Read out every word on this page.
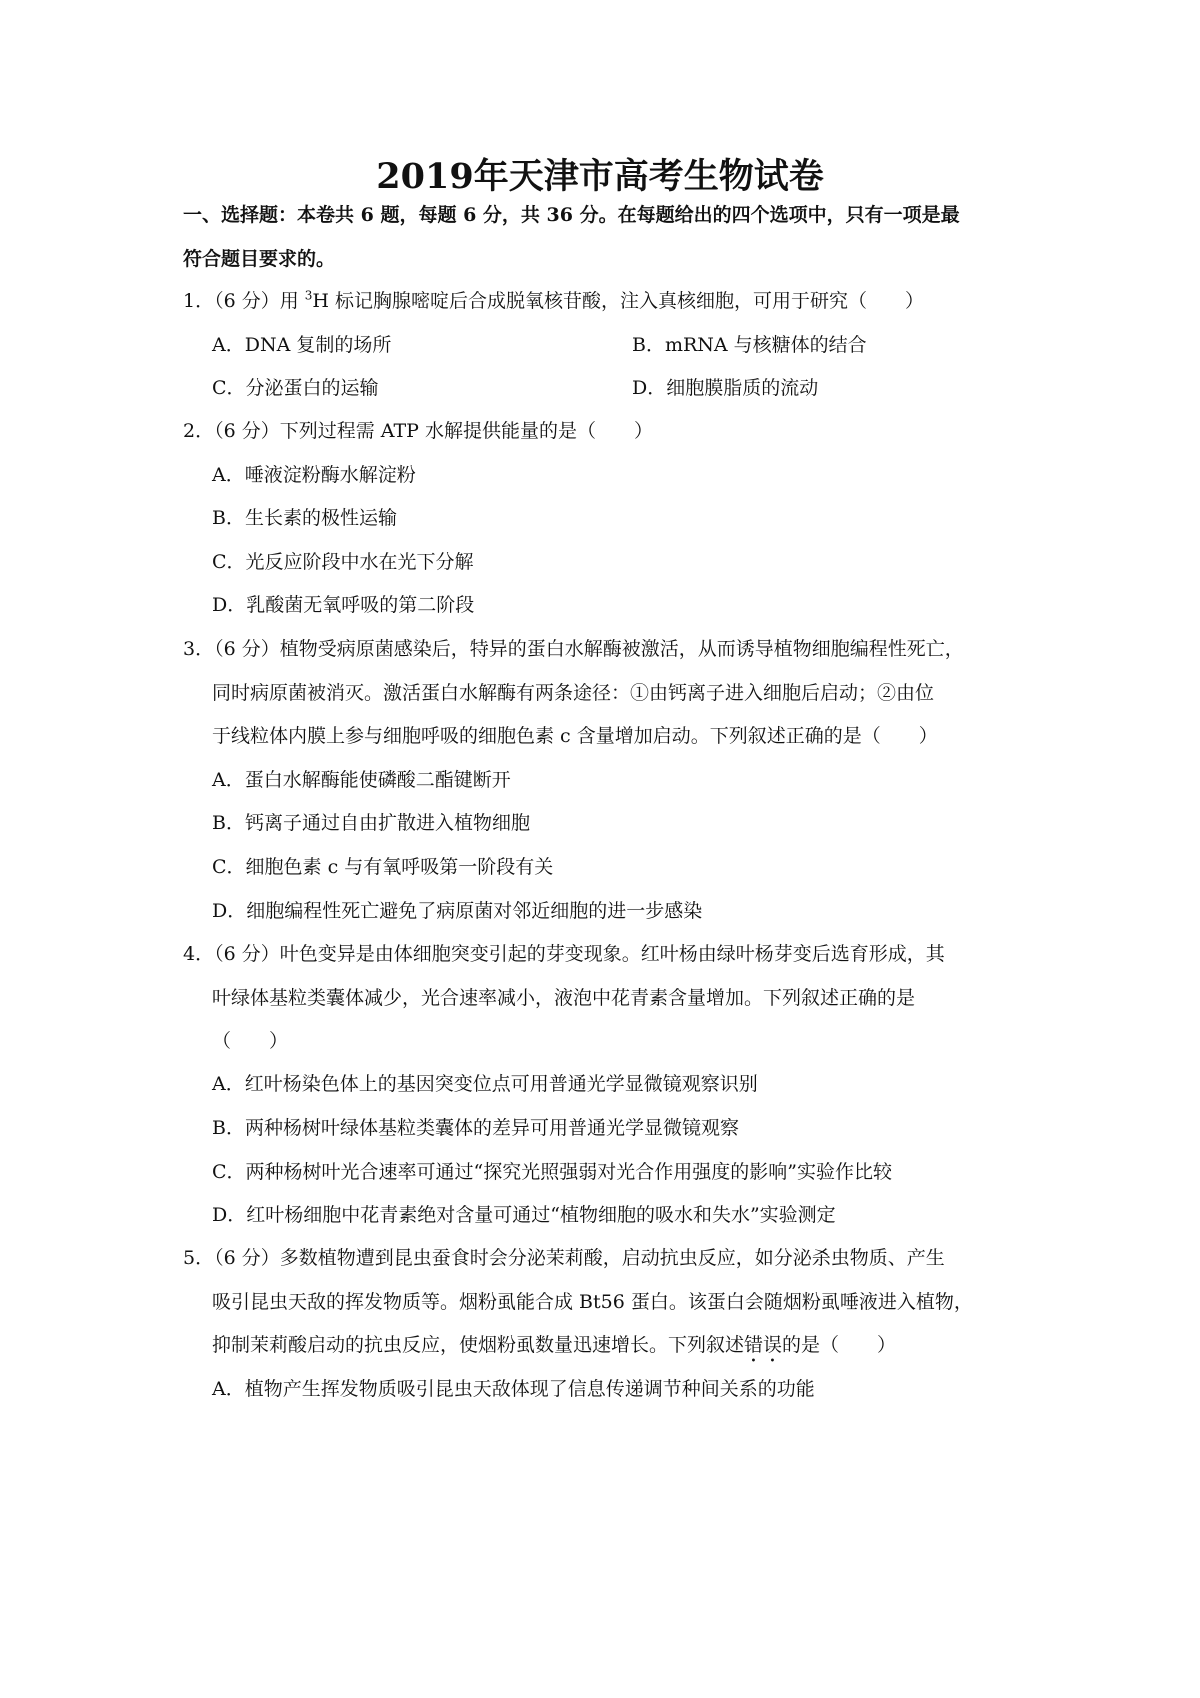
2019年天津市高考生物试卷
一、选择题：本卷共 6 题，每题 6 分，共 36 分。在每题给出的四个选项中，只有一项是最
符合题目要求的。
1．（6 分）用 $^3$H 标记胸腺嘧啶后合成脱氧核苷酸，注入真核细胞，可用于研究（　　）
A．DNA 复制的场所	B．mRNA 与核糖体的结合
C．分泌蛋白的运输	D．细胞膜脂质的流动
2．（6 分）下列过程需 ATP 水解提供能量的是（　　）
A．唾液淀粉酶水解淀粉
B．生长素的极性运输
C．光反应阶段中水在光下分解
D．乳酸菌无氧呼吸的第二阶段
3．（6 分）植物受病原菌感染后，特异的蛋白水解酶被激活，从而诱导植物细胞编程性死亡，
同时病原菌被消灭。激活蛋白水解酶有两条途径：①由钙离子进入细胞后启动；②由位
于线粒体内膜上参与细胞呼吸的细胞色素 c 含量增加启动。下列叙述正确的是（　　）
A．蛋白水解酶能使磷酸二酯键断开
B．钙离子通过自由扩散进入植物细胞
C．细胞色素 c 与有氧呼吸第一阶段有关
D．细胞编程性死亡避免了病原菌对邻近细胞的进一步感染
4．（6 分）叶色变异是由体细胞突变引起的芽变现象。红叶杨由绿叶杨芽变后选育形成，其
叶绿体基粒类囊体减少，光合速率减小，液泡中花青素含量增加。下列叙述正确的是
（　　）
A．红叶杨染色体上的基因突变位点可用普通光学显微镜观察识别
B．两种杨树叶绿体基粒类囊体的差异可用普通光学显微镜观察
C．两种杨树叶光合速率可通过“探究光照强弱对光合作用强度的影响”实验作比较
D．红叶杨细胞中花青素绝对含量可通过“植物细胞的吸水和失水”实验测定
5．（6 分）多数植物遭到昆虫蚕食时会分泌茉莉酸，启动抗虫反应，如分泌杀虫物质、产生
吸引昆虫天敌的挥发物质等。烟粉虱能合成 Bt56 蛋白。该蛋白会随烟粉虱唾液进入植物，
抑制茉莉酸启动的抗虫反应，使烟粉虱数量迅速增长。下列叙述错误的是（　　）
A．植物产生挥发物质吸引昆虫天敌体现了信息传递调节种间关系的功能
